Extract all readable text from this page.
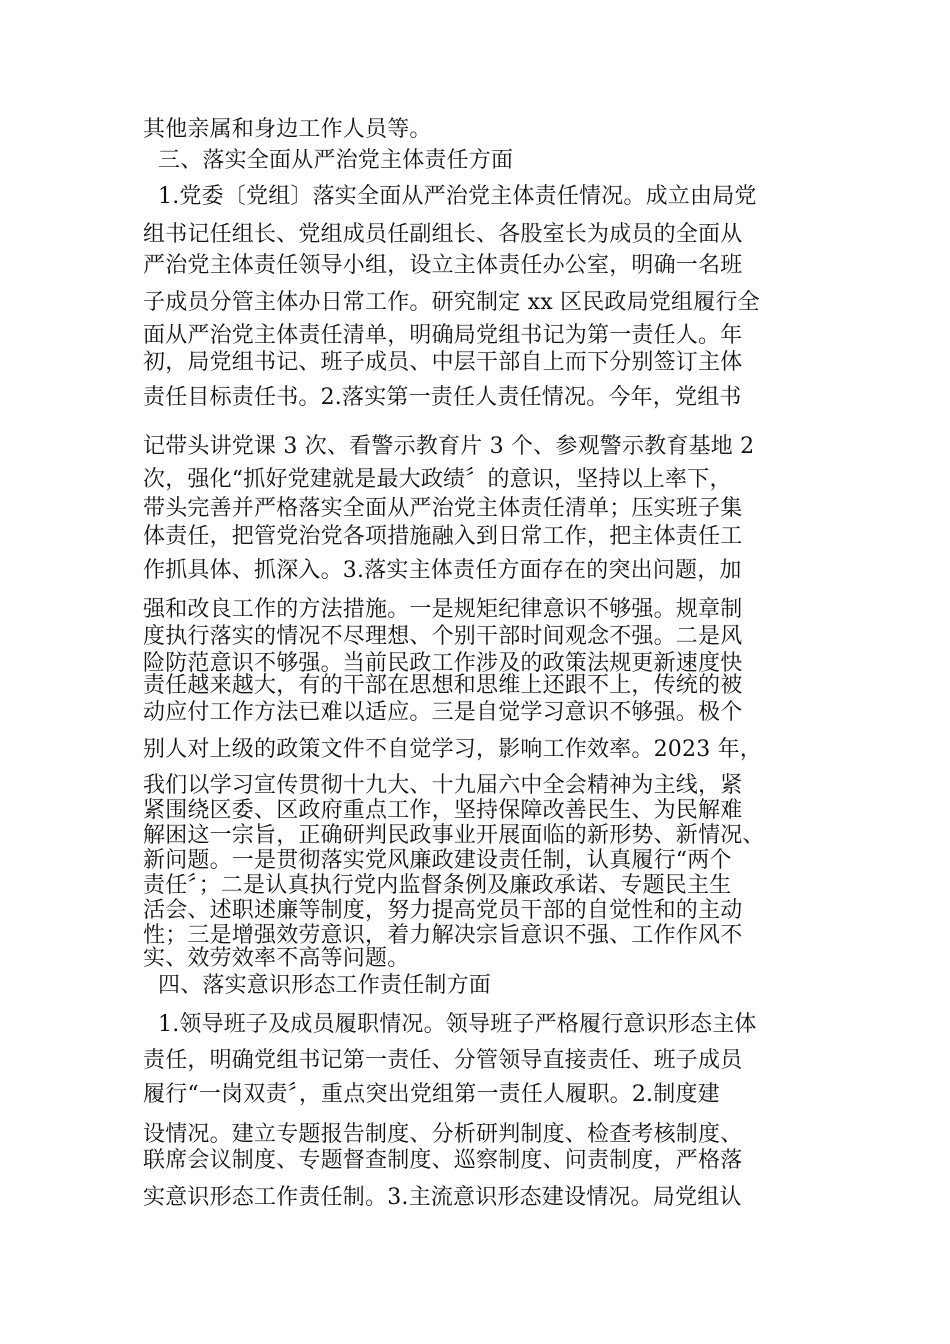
其他亲属和身边工作人员等。
三、落实全面从严治党主体责任方面
1.党委〔党组〕落实全面从严治党主体责任情况。成立由局党
组书记任组长、党组成员任副组长、各股室长为成员的全面从
严治党主体责任领导小组，设立主体责任办公室，明确一名班
子成员分管主体办日常工作。研究制定 xx 区民政局党组履行全
面从严治党主体责任清单，明确局党组书记为第一责任人。年
初，局党组书记、班子成员、中层干部自上而下分别签订主体
责任目标责任书。2.落实第一责任人责任情况。今年，党组书
记带头讲党课 3 次、看警示教育片 3 个、参观警示教育基地 2
次，强化“抓好党建就是最大政绩〞的意识，坚持以上率下，
带头完善并严格落实全面从严治党主体责任清单；压实班子集
体责任，把管党治党各项措施融入到日常工作，把主体责任工
作抓具体、抓深入。3.落实主体责任方面存在的突出问题，加
强和改良工作的方法措施。一是规矩纪律意识不够强。规章制
度执行落实的情况不尽理想、个别干部时间观念不强。二是风
险防范意识不够强。当前民政工作涉及的政策法规更新速度快
责任越来越大，有的干部在思想和思维上还跟不上，传统的被
动应付工作方法已难以适应。三是自觉学习意识不够强。极个
别人对上级的政策文件不自觉学习，影响工作效率。2023 年，
我们以学习宣传贯彻十九大、十九届六中全会精神为主线，紧
紧围绕区委、区政府重点工作，坚持保障改善民生、为民解难
解困这一宗旨，正确研判民政事业开展面临的新形势、新情况、
新问题。一是贯彻落实党风廉政建设责任制，认真履行“两个
责任〞；二是认真执行党内监督条例及廉政承诺、专题民主生
活会、述职述廉等制度，努力提高党员干部的自觉性和的主动
性；三是增强效劳意识，着力解决宗旨意识不强、工作作风不
实、效劳效率不高等问题。
四、落实意识形态工作责任制方面
1.领导班子及成员履职情况。领导班子严格履行意识形态主体
责任，明确党组书记第一责任、分管领导直接责任、班子成员
履行“一岗双责〞，重点突出党组第一责任人履职。2.制度建
设情况。建立专题报告制度、分析研判制度、检查考核制度、
联席会议制度、专题督查制度、巡察制度、问责制度，严格落
实意识形态工作责任制。3.主流意识形态建设情况。局党组认
